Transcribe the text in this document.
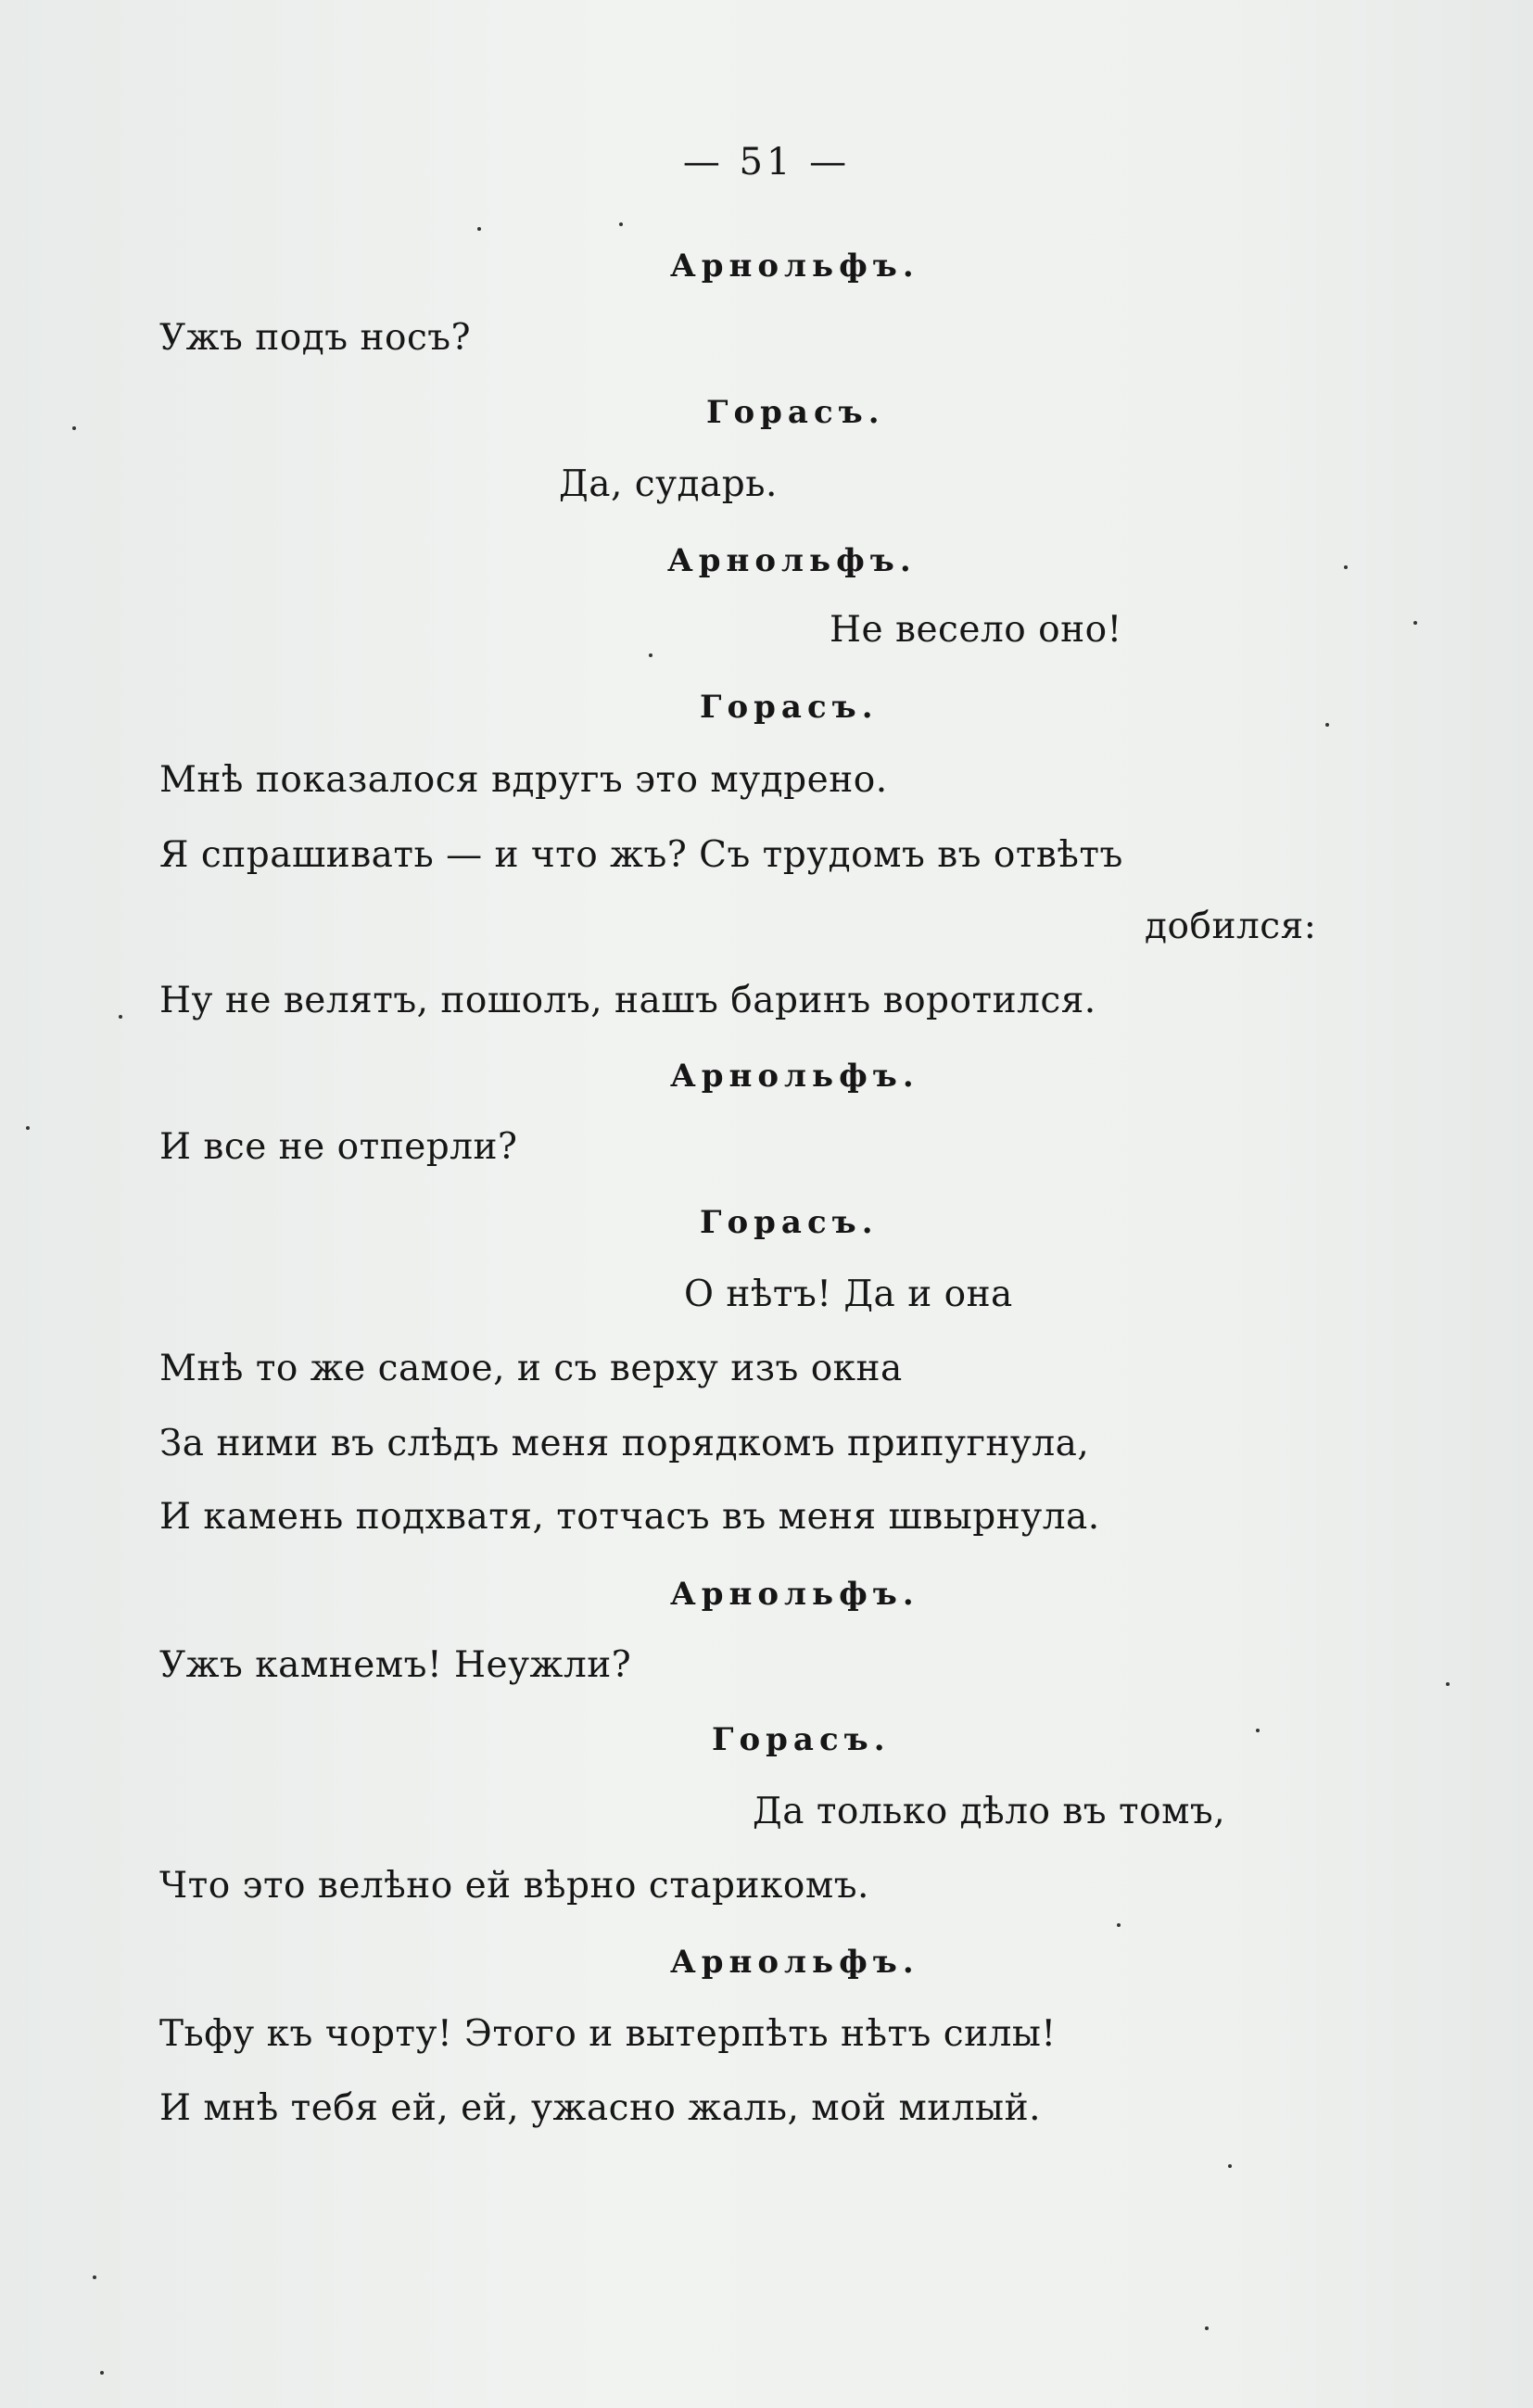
— 51 —
Арнольфъ.
Ужъ подъ носъ?
Горасъ.
Да, сударь.
Арнольфъ.
Не весело оно!
Горасъ.
Мнѣ показалося вдругъ это мудрено.
Я спрашивать — и что жъ? Съ трудомъ въ отвѣтъ
добился:
Ну не велятъ, пошолъ, нашъ баринъ воротился.
Арнольфъ.
И все не отперли?
Горасъ.
О нѣтъ! Да и она
Мнѣ то же самое, и съ верху изъ окна
За ними въ слѣдъ меня порядкомъ припугнула,
И камень подхватя, тотчасъ въ меня швырнула.
Арнольфъ.
Ужъ камнемъ! Неужли?
Горасъ.
Да только дѣло въ томъ,
Что это велѣно ей вѣрно старикомъ.
Арнольфъ.
Тьфу къ чорту! Этого и вытерпѣть нѣтъ силы!
И мнѣ тебя ей, ей, ужасно жаль, мой милый.
